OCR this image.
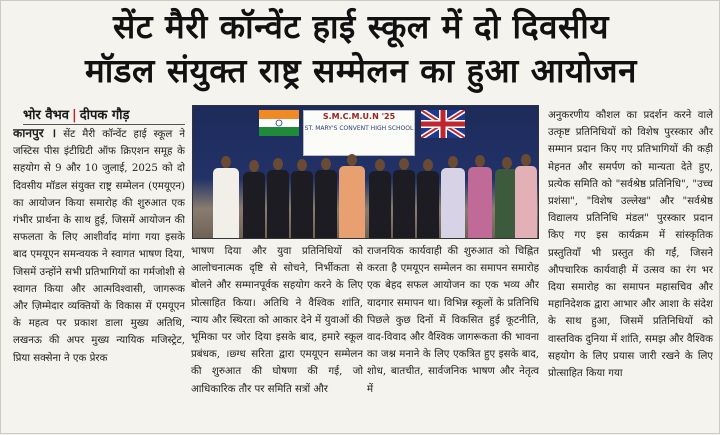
सेंट मैरी कॉन्वेंट हाई स्कूल में दो दिवसीय
मॉडल संयुक्त राष्ट्र सम्मेलन का हुआ आयोजन
भोर वैभव | दीपक गौड़

कानपुर । सेंट मैरी कॉन्वेंट हाई स्कूल ने जस्टिस पीस इंटीग्रिटी ऑफ क्रिएशन समूह के सहयोग से 9 और 10 जुलाई, 2025 को दो दिवसीय मॉडल संयुक्त राष्ट्र सम्मेलन (एमयूएन) का आयोजन किया समारोह की शुरुआत एक गंभीर प्रार्थना के साथ हुई, जिसमें आयोजन की सफलता के लिए आशीर्वाद मांगा गया इसके बाद एमयूएन समन्वयक ने स्वागत भाषण दिया, जिसमें उन्होंने सभी प्रतिभागियों का गर्मजोशी से स्वागत किया और आत्मविश्वासी, जागरूक और ज़िम्मेदार व्यक्तियों के विकास में एमयूएन के महत्व पर प्रकाश डाला मुख्य अतिथि, लखनऊ की अपर मुख्य न्यायिक मजिस्ट्रेट, प्रिया सक्सेना ने एक प्रेरक

S.M.C.M.U.N '25
ST. MARY'S CONVENT HIGH SCHOOL

भाषण दिया और युवा प्रतिनिधियों को आलोचनात्मक दृष्टि से सोचने, निर्भीकता से बोलने और सम्मानपूर्वक सहयोग करने के लिए प्रोत्साहित किया। अतिथि ने वैश्विक शांति, न्याय और स्थिरता को आकार देने में युवाओं की भूमिका पर जोर दिया इसके बाद, हमारे स्कूल प्रबंधक, ।छ्ग्ध सरिता द्वारा एमयूएन सम्मेलन की शुरुआत की घोषणा की गई, जो आधिकारिक तौर पर समिति सत्रों और

राजनयिक कार्यवाही की शुरुआत को चिह्नित करता है एमयूएन सम्मेलन का समापन समारोह एक बेहद सफल आयोजन का एक भव्य और यादगार समापन था। विभिन्न स्कूलों के प्रतिनिधि पिछले कुछ दिनों में विकसित हुई कूटनीति, वाद-विवाद और वैश्विक जागरूकता की भावना का जश्न मनाने के लिए एकत्रित हुए इसके बाद, शोध, बातचीत, सार्वजनिक भाषण और नेतृत्व में

अनुकरणीय कौशल का प्रदर्शन करने वाले उत्कृष्ट प्रतिनिधियों को विशेष पुरस्कार और सम्मान प्रदान किए गए प्रतिभागियों की कड़ी मेहनत और समर्पण को मान्यता देते हुए, प्रत्येक समिति को "सर्वश्रेष्ठ प्रतिनिधि", "उच्च प्रशंसा", "विशेष उल्लेख" और "सर्वश्रेष्ठ विद्यालय प्रतिनिधि मंडल" पुरस्कार प्रदान किए गए इस कार्यक्रम में सांस्कृतिक प्रस्तुतियाँ भी प्रस्तुत की गईं, जिसने औपचारिक कार्यवाही में उत्सव का रंग भर दिया समारोह का समापन महासचिव और महानिदेशक द्वारा आभार और आशा के संदेश के साथ हुआ, जिसमें प्रतिनिधियों को वास्तविक दुनिया में शांति, समझ और वैश्विक सहयोग के लिए प्रयास जारी रखने के लिए प्रोत्साहित किया गया
